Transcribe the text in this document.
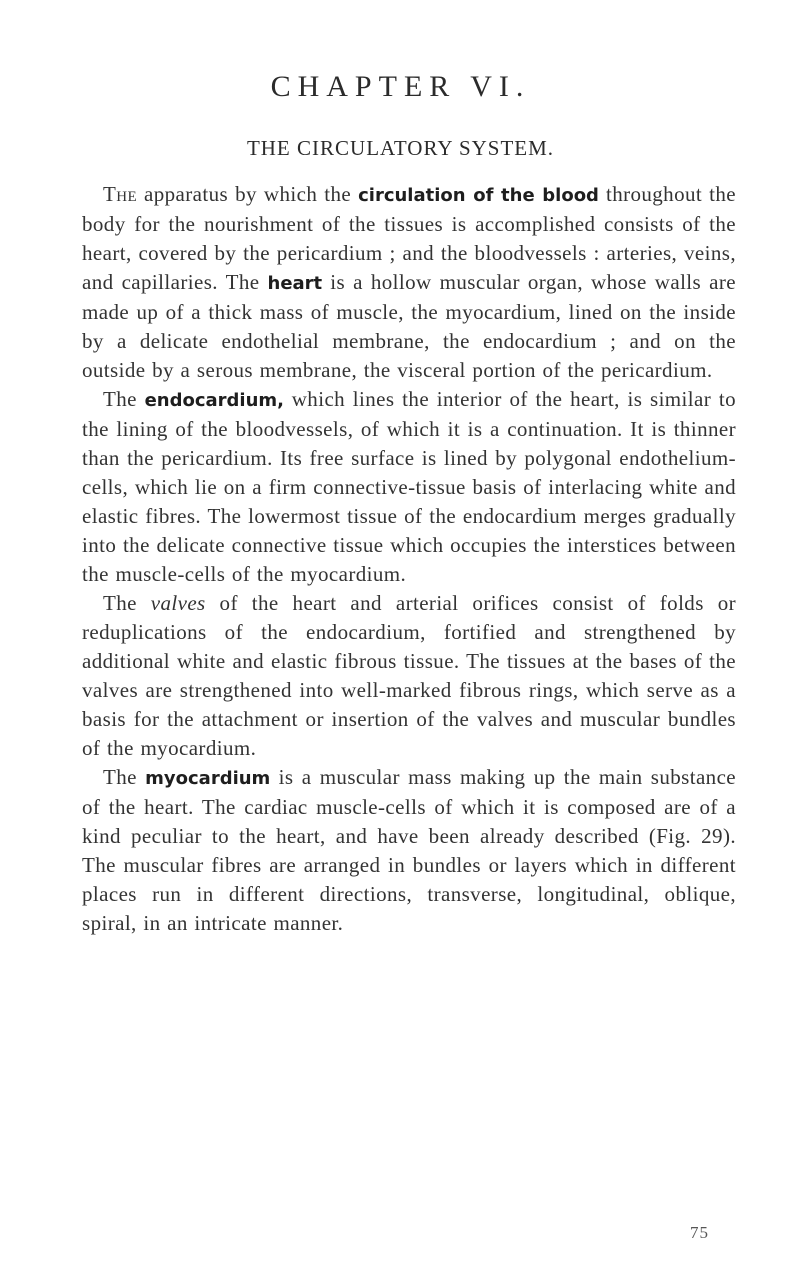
CHAPTER VI.
THE CIRCULATORY SYSTEM.

The apparatus by which the circulation of the blood throughout the body for the nourishment of the tissues is accomplished consists of the heart, covered by the pericardium ; and the bloodvessels : arteries, veins, and capillaries. The heart is a hollow muscular organ, whose walls are made up of a thick mass of muscle, the myocardium, lined on the inside by a delicate endothelial membrane, the endocardium ; and on the outside by a serous membrane, the visceral portion of the pericardium.

The endocardium, which lines the interior of the heart, is similar to the lining of the bloodvessels, of which it is a continuation. It is thinner than the pericardium. Its free surface is lined by polygonal endothelium-cells, which lie on a firm connective-tissue basis of interlacing white and elastic fibres. The lowermost tissue of the endocardium merges gradually into the delicate connective tissue which occupies the interstices between the muscle-cells of the myocardium.

The valves of the heart and arterial orifices consist of folds or reduplications of the endocardium, fortified and strengthened by additional white and elastic fibrous tissue. The tissues at the bases of the valves are strengthened into well-marked fibrous rings, which serve as a basis for the attachment or insertion of the valves and muscular bundles of the myocardium.

The myocardium is a muscular mass making up the main substance of the heart. The cardiac muscle-cells of which it is composed are of a kind peculiar to the heart, and have been already described (Fig. 29). The muscular fibres are arranged in bundles or layers which in different places run in different directions, transverse, longitudinal, oblique, spiral, in an intricate manner.

75
